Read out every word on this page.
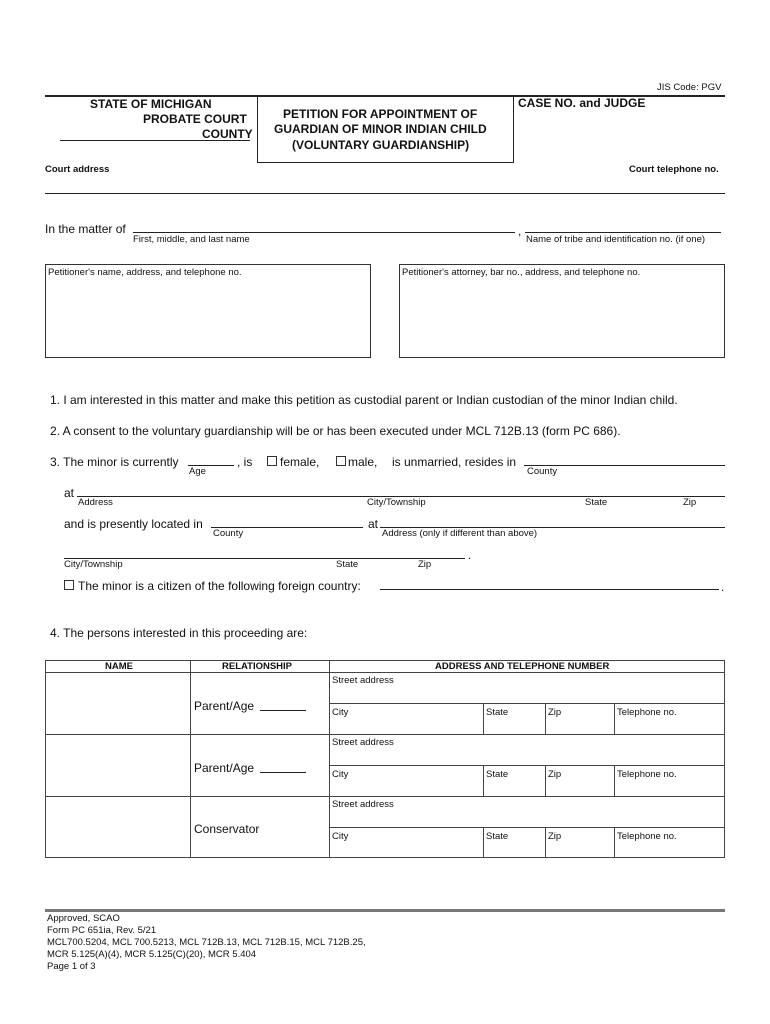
JIS Code: PGV
STATE OF MICHIGAN
PROBATE COURT
COUNTY
PETITION FOR APPOINTMENT OF
GUARDIAN OF MINOR INDIAN CHILD
(VOLUNTARY GUARDIANSHIP)
CASE NO. and JUDGE
Court address	Court telephone no.
In the matter of	,
First, middle, and last name	Name of tribe and identification no. (if one)
Petitioner's name, address, and telephone no.	Petitioner's attorney, bar no., address, and telephone no.
1. I am interested in this matter and make this petition as custodial parent or Indian custodian of the minor Indian child.
2. A consent to the voluntary guardianship will be or has been executed under MCL 712B.13 (form PC 686).
3. The minor is currently
Age
, is female, male, is unmarried, resides in
County
at
Address	City/Township	State	Zip
and is presently located in
County
at
Address (only if different than above)
.
City/Township	State	Zip
The minor is a citizen of the following foreign country:	.
4. The persons interested in this proceeding are:
NAME	RELATIONSHIP	ADDRESS AND TELEPHONE NUMBER
Parent/Age
Street address
City	State	Zip	Telephone no.
Parent/Age
Street address
City	State	Zip	Telephone no.
Conservator
Street address
City	State	Zip	Telephone no.
Approved, SCAO
Form PC 651ia, Rev. 5/21
MCL700.5204, MCL 700.5213, MCL 712B.13, MCL 712B.15, MCL 712B.25,
MCR 5.125(A)(4), MCR 5.125(C)(20), MCR 5.404
Page 1 of 3
